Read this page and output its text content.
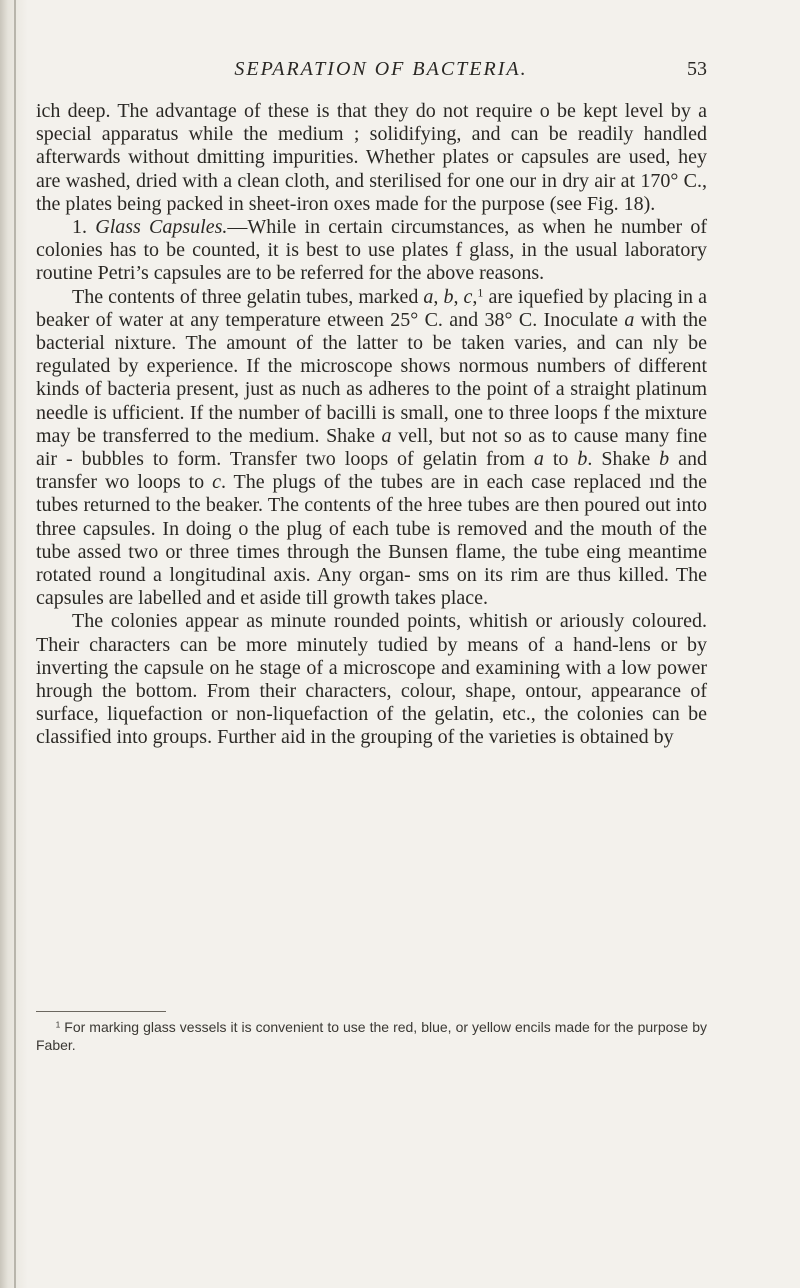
SEPARATION OF BACTERIA.	53

ich deep. The advantage of these is that they do not require o be kept level by a special apparatus while the medium ; solidifying, and can be readily handled afterwards without dmitting impurities. Whether plates or capsules are used, hey are washed, dried with a clean cloth, and sterilised for one our in dry air at 170° C., the plates being packed in sheet-iron oxes made for the purpose (see Fig. 18).

1. Glass Capsules.—While in certain circumstances, as when he number of colonies has to be counted, it is best to use plates f glass, in the usual laboratory routine Petri’s capsules are to be referred for the above reasons.

The contents of three gelatin tubes, marked a, b, c,$^1$ are iquefied by placing in a beaker of water at any temperature etween 25° C. and 38° C. Inoculate a with the bacterial nixture. The amount of the latter to be taken varies, and can nly be regulated by experience. If the microscope shows normous numbers of different kinds of bacteria present, just as nuch as adheres to the point of a straight platinum needle is ufficient. If the number of bacilli is small, one to three loops f the mixture may be transferred to the medium. Shake a vell, but not so as to cause many fine air - bubbles to form. Transfer two loops of gelatin from a to b. Shake b and transfer wo loops to c. The plugs of the tubes are in each case replaced ınd the tubes returned to the beaker. The contents of the hree tubes are then poured out into three capsules. In doing o the plug of each tube is removed and the mouth of the tube assed two or three times through the Bunsen flame, the tube eing meantime rotated round a longitudinal axis. Any organ- sms on its rim are thus killed. The capsules are labelled and et aside till growth takes place.

The colonies appear as minute rounded points, whitish or ariously coloured. Their characters can be more minutely tudied by means of a hand-lens or by inverting the capsule on he stage of a microscope and examining with a low power hrough the bottom. From their characters, colour, shape, ontour, appearance of surface, liquefaction or non-liquefaction of the gelatin, etc., the colonies can be classified into groups. Further aid in the grouping of the varieties is obtained by

$^1$ For marking glass vessels it is convenient to use the red, blue, or yellow encils made for the purpose by Faber.
